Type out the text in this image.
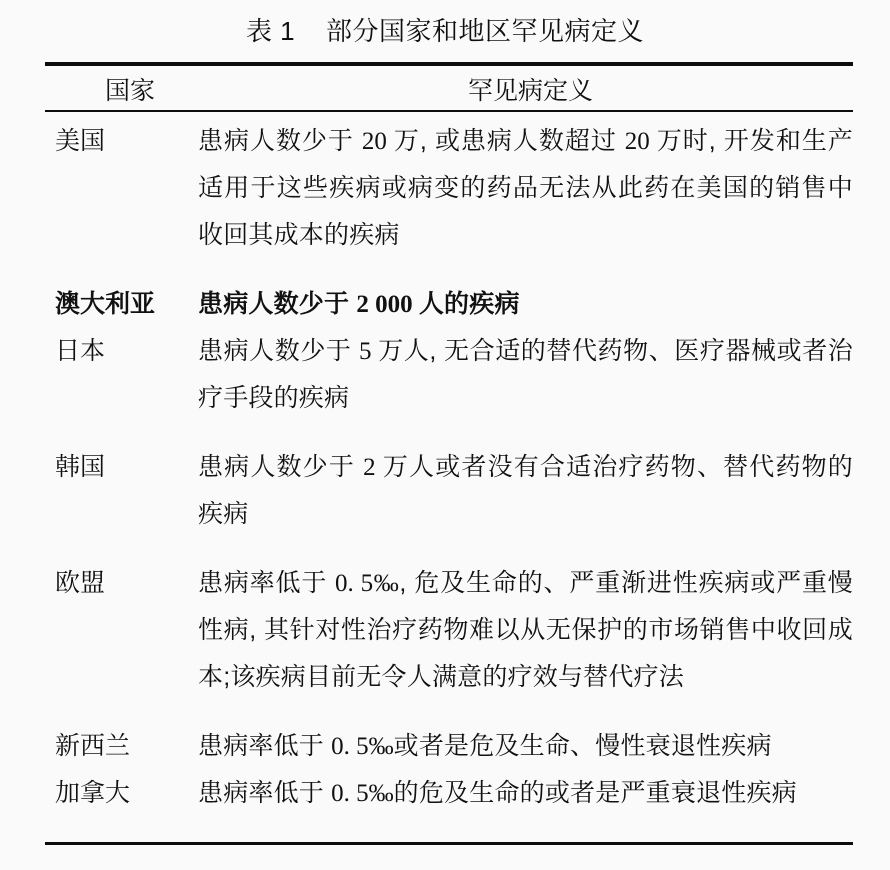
表 1    部分国家和地区罕见病定义
国家	罕见病定义
美国	患病人数少于 20 万, 或患病人数超过 20 万时, 开发和生产适用于这些疾病或病变的药品无法从此药在美国的销售中收回其成本的疾病
澳大利亚	患病人数少于 2 000 人的疾病
日本	患病人数少于 5 万人, 无合适的替代药物、医疗器械或者治疗手段的疾病
韩国	患病人数少于 2 万人或者没有合适治疗药物、替代药物的疾病
欧盟	患病率低于 0. 5‰, 危及生命的、严重渐进性疾病或严重慢性病, 其针对性治疗药物难以从无保护的市场销售中收回成本;该疾病目前无令人满意的疗效与替代疗法
新西兰	患病率低于 0. 5‰或者是危及生命、慢性衰退性疾病
加拿大	患病率低于 0. 5‰的危及生命的或者是严重衰退性疾病
